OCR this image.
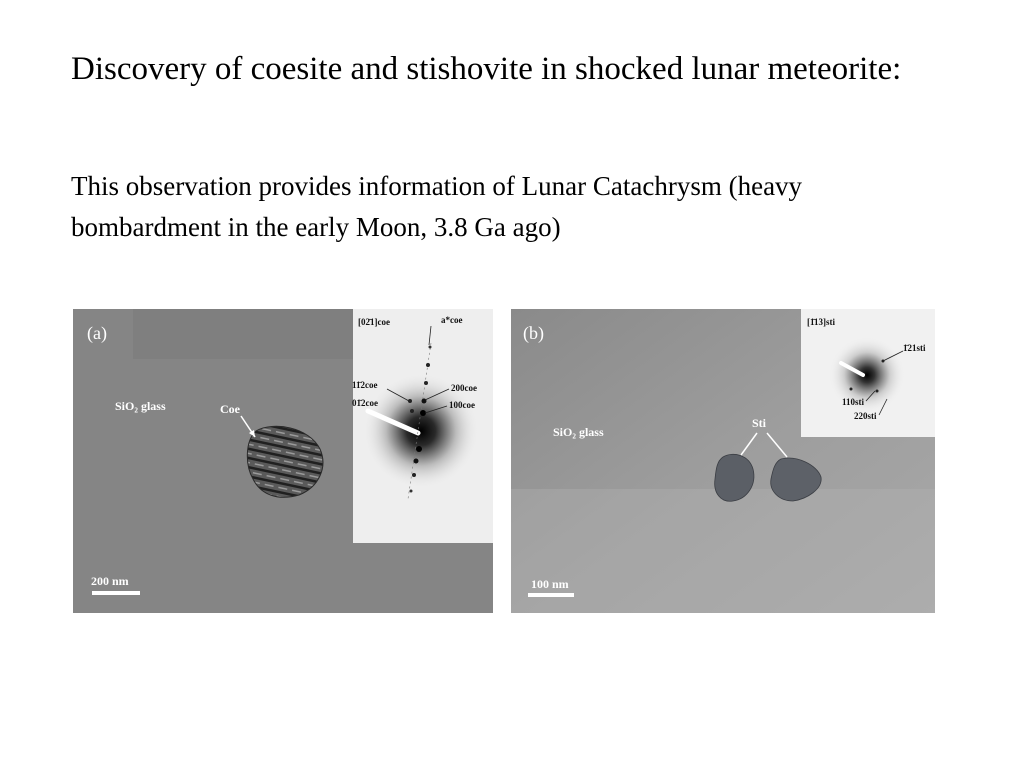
Discovery of coesite and stishovite in shocked lunar meteorite:

This observation provides information of Lunar Catachrysm (heavy bombardment in the early Moon, 3.8 Ga ago)

(a)
SiO₂ glass	Coe
200 nm
[02̄1]coe	a*coe
11̄2coe
01̄2coe
200coe
100coe
(b)
SiO₂ glass
Sti
100 nm
[1̄13]sti
1̄21sti
110sti
220sti
